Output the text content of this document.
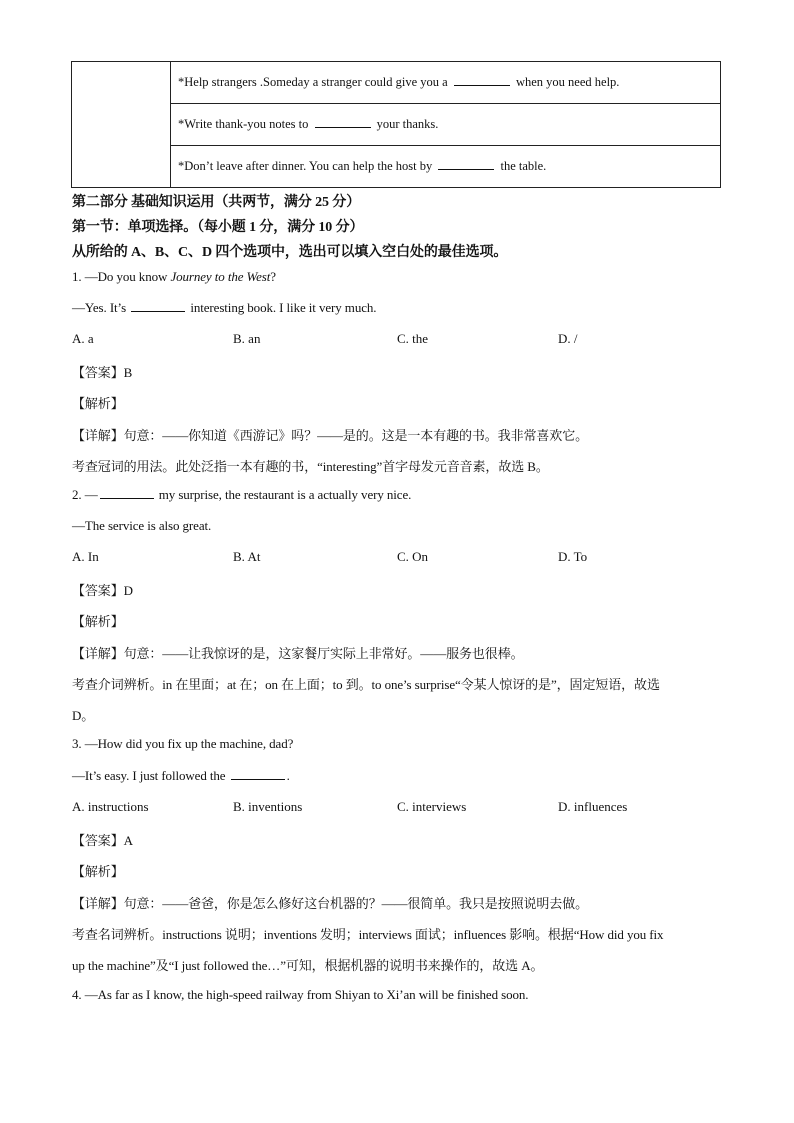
	*Help strangers .Someday a stranger could give you a	when you need help.
*Write thank-you notes to	your thanks.
*Don’t leave after dinner. You can help the host by	the table.
第二部分 基础知识运用（共两节，满分 25 分）
第一节：单项选择。（每小题 1 分，满分 10 分）
从所给的 A、B、C、D 四个选项中，选出可以填入空白处的最佳选项。
1. —Do you know Journey to the West?
—Yes. It’s	interesting book. I like it very much.
A. a	B. an	C. the	D. /
【答案】B
【解析】
【详解】句意：——你知道《西游记》吗？——是的。这是一本有趣的书。我非常喜欢它。
考查冠词的用法。此处泛指一本有趣的书，“interesting”首字母发元音音素，故选 B。
2. —	my surprise, the restaurant is a actually very nice.
—The service is also great.
A. In	B. At	C. On	D. To
【答案】D
【解析】
【详解】句意：——让我惊讶的是，这家餐厅实际上非常好。——服务也很棒。
考查介词辨析。in 在里面；at 在；on 在上面；to 到。to one’s surprise“令某人惊讶的是”，固定短语，故选
D。
3. —How did you fix up the machine, dad?
—It’s easy. I just followed the	.
A. instructions	B. inventions	C. interviews	D. influences
【答案】A
【解析】
【详解】句意：——爸爸，你是怎么修好这台机器的？——很简单。我只是按照说明去做。
考查名词辨析。instructions 说明；inventions 发明；interviews 面试；influences 影响。根据“How did you fix
up the machine”及“I just followed the…”可知，根据机器的说明书来操作的，故选 A。
4. —As far as I know, the high-speed railway from Shiyan to Xi’an will be finished soon.
